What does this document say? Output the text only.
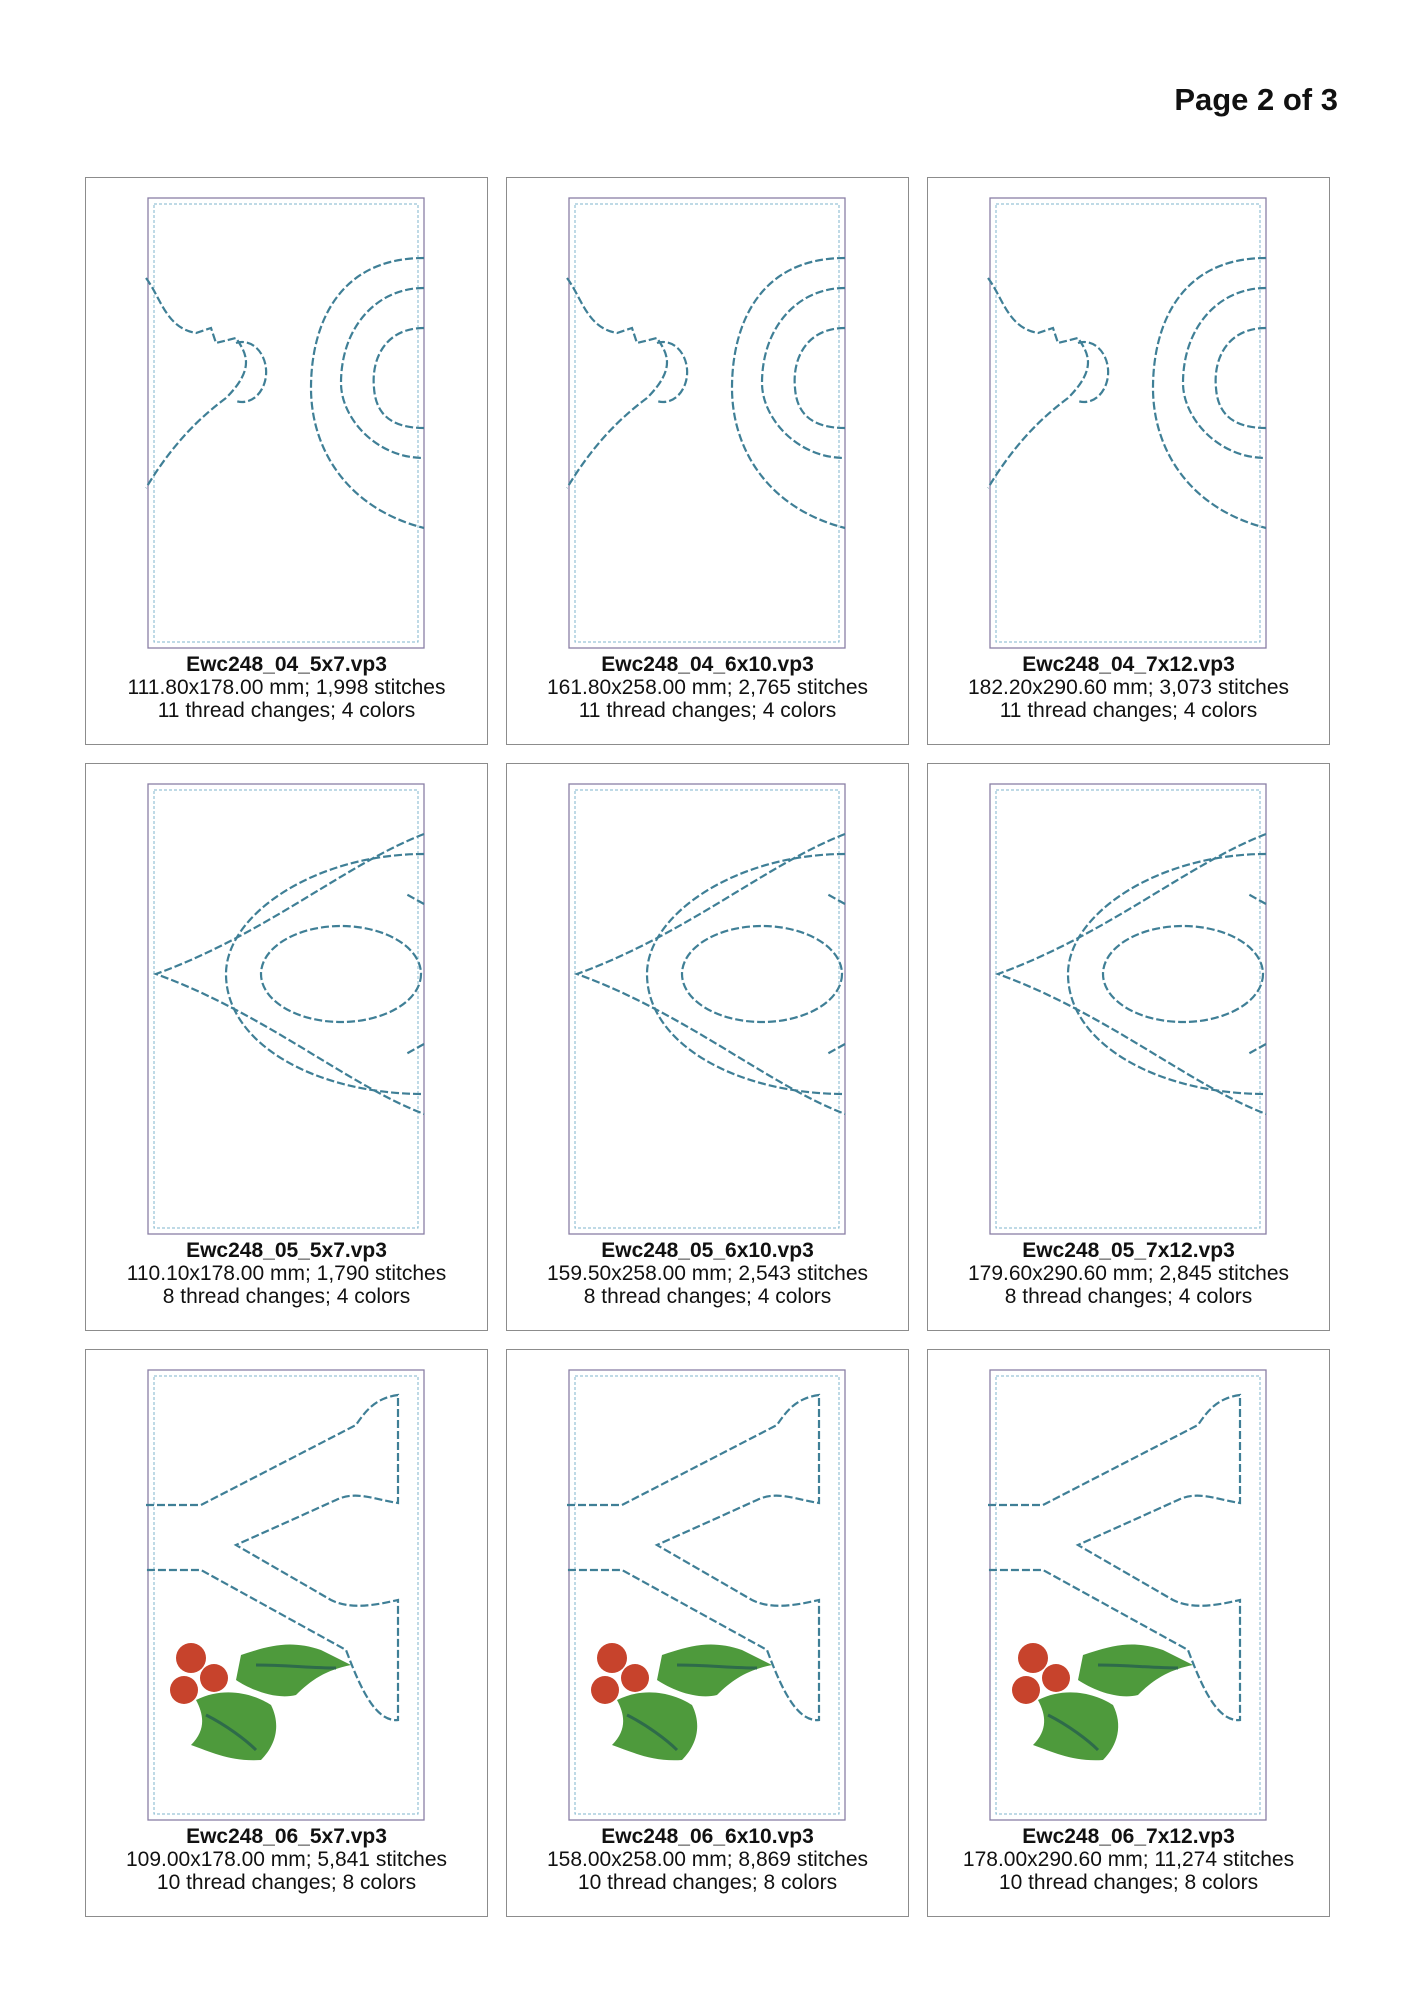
Page 2 of 3
Ewc248_04_5x7.vp3
111.80x178.00 mm; 1,998 stitches
11 thread changes; 4 colors
Ewc248_04_6x10.vp3
161.80x258.00 mm; 2,765 stitches
11 thread changes; 4 colors
Ewc248_04_7x12.vp3
182.20x290.60 mm; 3,073 stitches
11 thread changes; 4 colors
Ewc248_05_5x7.vp3
110.10x178.00 mm; 1,790 stitches
8 thread changes; 4 colors
Ewc248_05_6x10.vp3
159.50x258.00 mm; 2,543 stitches
8 thread changes; 4 colors
Ewc248_05_7x12.vp3
179.60x290.60 mm; 2,845 stitches
8 thread changes; 4 colors
Ewc248_06_5x7.vp3
109.00x178.00 mm; 5,841 stitches
10 thread changes; 8 colors
Ewc248_06_6x10.vp3
158.00x258.00 mm; 8,869 stitches
10 thread changes; 8 colors
Ewc248_06_7x12.vp3
178.00x290.60 mm; 11,274 stitches
10 thread changes; 8 colors
